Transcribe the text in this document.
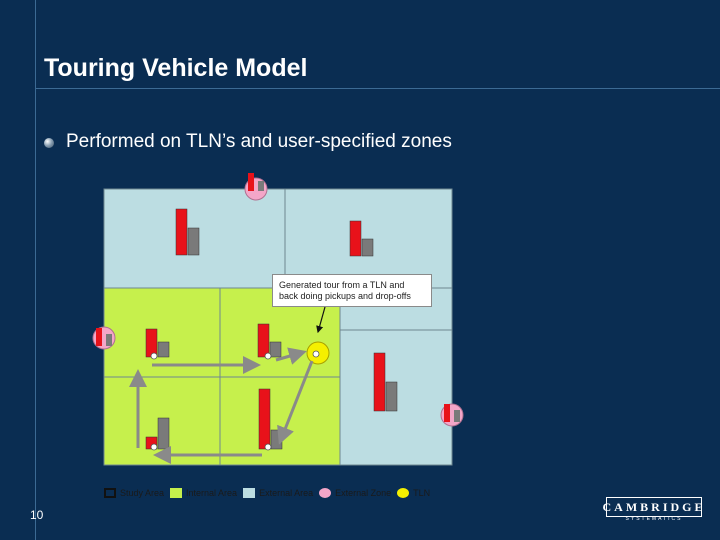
Touring Vehicle Model
Performed on TLN’s and user-specified zones
Generated tour from a TLN and
back doing pickups and drop-offs
Study Area Internal Area External Area External Zone TLN
10
CAMBRIDGE
SYSTEMATICS
